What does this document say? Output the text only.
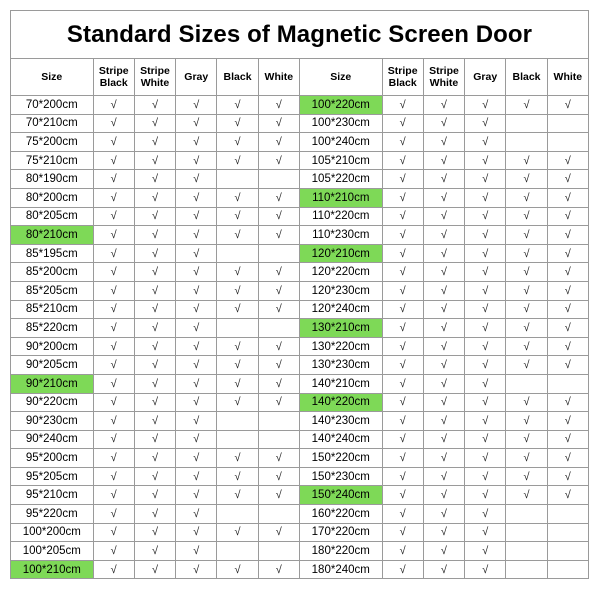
Standard Sizes of Magnetic Screen Door
Size	Stripe Black	Stripe White	Gray	Black	White	Size	Stripe Black	Stripe White	Gray	Black	White
70*200cm	√	√	√	√	√	100*220cm	√	√	√	√	√
70*210cm	√	√	√	√	√	100*230cm	√	√	√		
75*200cm	√	√	√	√	√	100*240cm	√	√	√		
75*210cm	√	√	√	√	√	105*210cm	√	√	√	√	√
80*190cm	√	√	√			105*220cm	√	√	√	√	√
80*200cm	√	√	√	√	√	110*210cm	√	√	√	√	√
80*205cm	√	√	√	√	√	110*220cm	√	√	√	√	√
80*210cm	√	√	√	√	√	110*230cm	√	√	√	√	√
85*195cm	√	√	√			120*210cm	√	√	√	√	√
85*200cm	√	√	√	√	√	120*220cm	√	√	√	√	√
85*205cm	√	√	√	√	√	120*230cm	√	√	√	√	√
85*210cm	√	√	√	√	√	120*240cm	√	√	√	√	√
85*220cm	√	√	√			130*210cm	√	√	√	√	√
90*200cm	√	√	√	√	√	130*220cm	√	√	√	√	√
90*205cm	√	√	√	√	√	130*230cm	√	√	√	√	√
90*210cm	√	√	√	√	√	140*210cm	√	√	√		
90*220cm	√	√	√	√	√	140*220cm	√	√	√	√	√
90*230cm	√	√	√			140*230cm	√	√	√	√	√
90*240cm	√	√	√			140*240cm	√	√	√	√	√
95*200cm	√	√	√	√	√	150*220cm	√	√	√	√	√
95*205cm	√	√	√	√	√	150*230cm	√	√	√	√	√
95*210cm	√	√	√	√	√	150*240cm	√	√	√	√	√
95*220cm	√	√	√			160*220cm	√	√	√		
100*200cm	√	√	√	√	√	170*220cm	√	√	√		
100*205cm	√	√	√			180*220cm	√	√	√		
100*210cm	√	√	√	√	√	180*240cm	√	√	√		
